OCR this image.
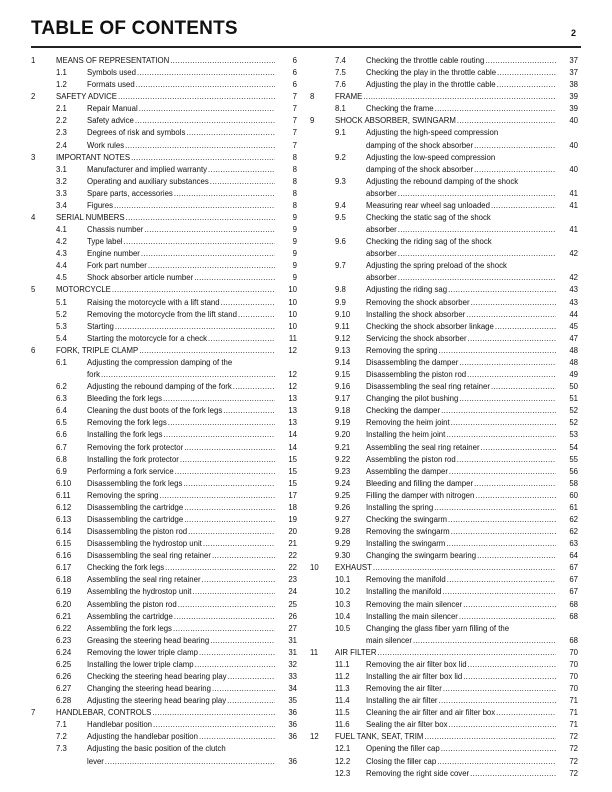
TABLE OF CONTENTS	2
1	MEANS OF REPRESENTATION .....	6
1.1	Symbols used .....	6
1.2	Formats used .....	6
2	SAFETY ADVICE .....	7
2.1	Repair Manual .....	7
2.2	Safety advice .....	7
2.3	Degrees of risk and symbols .....	7
2.4	Work rules .....	7
3	IMPORTANT NOTES .....	8
3.1	Manufacturer and implied warranty .....	8
3.2	Operating and auxiliary substances .....	8
3.3	Spare parts, accessories .....	8
3.4	Figures .....	8
4	SERIAL NUMBERS .....	9
4.1	Chassis number .....	9
4.2	Type label .....	9
4.3	Engine number .....	9
4.4	Fork part number .....	9
4.5	Shock absorber article number .....	9
5	MOTORCYCLE .....	10
5.1	Raising the motorcycle with a lift stand .....	10
5.2	Removing the motorcycle from the lift stand .....	10
5.3	Starting .....	10
5.4	Starting the motorcycle for a check .....	11
6	FORK, TRIPLE CLAMP .....	12
6.1	Adjusting the compression damping of the
fork .....	12
6.2	Adjusting the rebound damping of the fork .....	12
6.3	Bleeding the fork legs .....	13
6.4	Cleaning the dust boots of the fork legs .....	13
6.5	Removing the fork legs .....	13
6.6	Installing the fork legs .....	14
6.7	Removing the fork protector .....	14
6.8	Installing the fork protector .....	15
6.9	Performing a fork service .....	15
6.10 Disassembling the fork legs .....	15
6.11 Removing the spring .....	17
6.12 Disassembling the cartridge .....	18
6.13 Disassembling the cartridge .....	19
6.14 Disassembling the piston rod .....	20
6.15 Disassembling the hydrostop unit .....	21
6.16 Disassembling the seal ring retainer .....	22
6.17 Checking the fork legs .....	22
6.18 Assembling the seal ring retainer .....	23
6.19 Assembling the hydrostop unit .....	24
6.20 Assembling the piston rod .....	25
6.21 Assembling the cartridge .....	26
6.22 Assembling the fork legs .....	27
6.23 Greasing the steering head bearing .....	31
6.24 Removing the lower triple clamp .....	31
6.25 Installing the lower triple clamp .....	32
6.26 Checking the steering head bearing play .....	33
6.27 Changing the steering head bearing .....	34
6.28 Adjusting the steering head bearing play .....	35
7	HANDLEBAR, CONTROLS .....	36
7.1	Handlebar position .....	36
7.2	Adjusting the handlebar position .....	36
7.3	Adjusting the basic position of the clutch
lever .....	36
7.4	Checking the throttle cable routing .....	37
7.5	Checking the play in the throttle cable .....	37
7.6	Adjusting the play in the throttle cable .....	38
8	FRAME .....	39
8.1	Checking the frame .....	39
9	SHOCK ABSORBER, SWINGARM .....	40
9.1	Adjusting the high-speed compression
damping of the shock absorber .....	40
9.2	Adjusting the low-speed compression
damping of the shock absorber .....	40
9.3	Adjusting the rebound damping of the shock
absorber .....	41
9.4	Measuring rear wheel sag unloaded .....	41
9.5	Checking the static sag of the shock
absorber .....	41
9.6	Checking the riding sag of the shock
absorber .....	42
9.7	Adjusting the spring preload of the shock
absorber .....	42
9.8	Adjusting the riding sag .....	43
9.9	Removing the shock absorber .....	43
9.10 Installing the shock absorber .....	44
9.11 Checking the shock absorber linkage .....	45
9.12 Servicing the shock absorber .....	47
9.13 Removing the spring .....	48
9.14 Disassembling the damper .....	48
9.15 Disassembling the piston rod .....	49
9.16 Disassembling the seal ring retainer .....	50
9.17 Changing the pilot bushing .....	51
9.18 Checking the damper .....	52
9.19 Removing the heim joint .....	52
9.20 Installing the heim joint .....	53
9.21 Assembling the seal ring retainer .....	54
9.22 Assembling the piston rod .....	55
9.23 Assembling the damper .....	56
9.24 Bleeding and filling the damper .....	58
9.25 Filling the damper with nitrogen .....	60
9.26 Installing the spring .....	61
9.27 Checking the swingarm .....	62
9.28 Removing the swingarm .....	62
9.29 Installing the swingarm .....	63
9.30 Changing the swingarm bearing .....	64
10 EXHAUST .....	67
10.1 Removing the manifold .....	67
10.2 Installing the manifold .....	67
10.3 Removing the main silencer .....	68
10.4 Installing the main silencer .....	68
10.5 Changing the glass fiber yarn filling of the
main silencer .....	68
11 AIR FILTER .....	70
11.1 Removing the air filter box lid .....	70
11.2 Installing the air filter box lid .....	70
11.3 Removing the air filter .....	70
11.4 Installing the air filter .....	71
11.5 Cleaning the air filter and air filter box .....	71
11.6 Sealing the air filter box .....	71
12 FUEL TANK, SEAT, TRIM .....	72
12.1 Opening the filler cap .....	72
12.2 Closing the filler cap .....	72
12.3 Removing the right side cover .....	72
